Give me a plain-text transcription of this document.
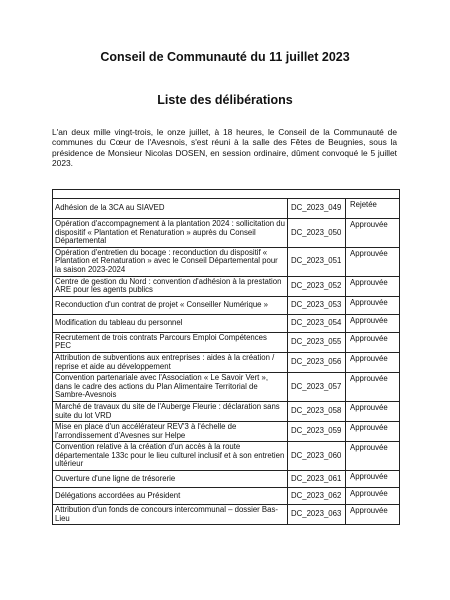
Conseil de Communauté du 11 juillet 2023
Liste des délibérations
L'an deux mille vingt-trois, le onze juillet, à 18 heures, le Conseil de la Communauté de communes du Cœur de l'Avesnois, s'est réuni à la salle des Fêtes de Beugnies, sous la présidence de Monsieur Nicolas DOSEN, en session ordinaire, dûment convoqué le 5 juillet 2023.

Adhésion de la 3CA au SIAVED	DC_2023_049	Rejetée
Opération d'accompagnement à la plantation 2024 : sollicitation du dispositif « Plantation et Renaturation » auprès du Conseil Départemental	DC_2023_050	Approuvée
Opération d'entretien du bocage : reconduction du dispositif « Plantation et Renaturation » avec le Conseil Départemental pour la saison 2023-2024	DC_2023_051	Approuvée
Centre de gestion du Nord : convention d'adhésion à la prestation ARE pour les agents publics	DC_2023_052	Approuvée
Reconduction d'un contrat de projet « Conseiller Numérique »	DC_2023_053	Approuvée
Modification du tableau du personnel	DC_2023_054	Approuvée
Recrutement de trois contrats Parcours Emploi Compétences PEC	DC_2023_055	Approuvée
Attribution de subventions aux entreprises : aides à la création / reprise et aide au développement	DC_2023_056	Approuvée
Convention partenariale avec l'Association « Le Savoir Vert », dans le cadre des actions du Plan Alimentaire Territorial de Sambre-Avesnois	DC_2023_057	Approuvée
Marché de travaux du site de l'Auberge Fleurie : déclaration sans suite du lot VRD	DC_2023_058	Approuvée
Mise en place d'un accélérateur REV'3 à l'échelle de l'arrondissement d'Avesnes sur Helpe	DC_2023_059	Approuvée
Convention relative à la création d'un accès à la route départementale 133c pour le lieu culturel inclusif et à son entretien ultérieur	DC_2023_060	Approuvée
Ouverture d'une ligne de trésorerie	DC_2023_061	Approuvée
Délégations accordées au Président	DC_2023_062	Approuvée
Attribution d'un fonds de concours intercommunal – dossier Bas-Lieu	DC_2023_063	Approuvée
